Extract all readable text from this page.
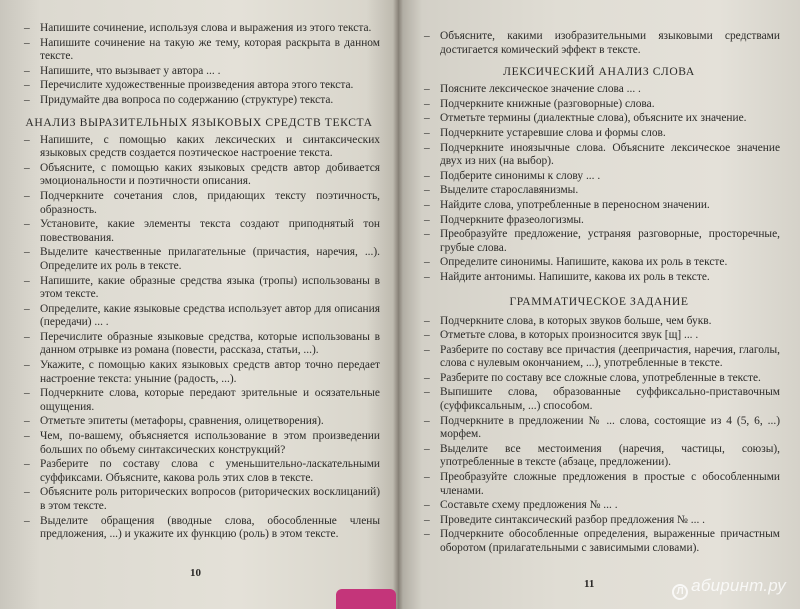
– Напишите сочинение, используя слова и выражения из этого текста.
– Напишите сочинение на такую же тему, которая раскрыта в данном тексте.
– Напишите, что вызывает у автора ... .
– Перечислите художественные произведения автора этого текста.
– Придумайте два вопроса по содержанию (структуре) текста.
АНАЛИЗ ВЫРАЗИТЕЛЬНЫХ ЯЗЫКОВЫХ СРЕДСТВ ТЕКСТА
– Напишите, с помощью каких лексических и синтаксических языковых средств создается поэтическое настроение текста.
– Объясните, с помощью каких языковых средств автор добивается эмоциональности и поэтичности описания.
– Подчеркните сочетания слов, придающих тексту поэтичность, образность.
– Установите, какие элементы текста создают приподнятый тон повествования.
– Выделите качественные прилагательные (причастия, наречия, ...). Определите их роль в тексте.
– Напишите, какие образные средства языка (тропы) использованы в этом тексте.
– Определите, какие языковые средства использует автор для описания (передачи) ... .
– Перечислите образные языковые средства, которые использованы в данном отрывке из романа (повести, рассказа, статьи, ...).
– Укажите, с помощью каких языковых средств автор точно передает настроение текста: уныние (радость, ...).
– Подчеркните слова, которые передают зрительные и осязательные ощущения.
– Отметьте эпитеты (метафоры, сравнения, олицетворения).
– Чем, по-вашему, объясняется использование в этом произведении больших по объему синтаксических конструкций?
– Разберите по составу слова с уменьшительно-ласкательными суффиксами. Объясните, какова роль этих слов в тексте.
– Объясните роль риторических вопросов (риторических восклицаний) в этом тексте.
– Выделите обращения (вводные слова, обособленные члены предложения, ...) и укажите их функцию (роль) в этом тексте.
10
– Объясните, какими изобразительными языковыми средствами достигается комический эффект в тексте.
ЛЕКСИЧЕСКИЙ АНАЛИЗ СЛОВА
– Поясните лексическое значение слова ... .
– Подчеркните книжные (разговорные) слова.
– Отметьте термины (диалектные слова), объясните их значение.
– Подчеркните устаревшие слова и формы слов.
– Подчеркните иноязычные слова. Объясните лексическое значение двух из них (на выбор).
– Подберите синонимы к слову ... .
– Выделите старославянизмы.
– Найдите слова, употребленные в переносном значении.
– Подчеркните фразеологизмы.
– Преобразуйте предложение, устраняя разговорные, просторечные, грубые слова.
– Определите синонимы. Напишите, какова их роль в тексте.
– Найдите антонимы. Напишите, какова их роль в тексте.
ГРАММАТИЧЕСКОЕ ЗАДАНИЕ
– Подчеркните слова, в которых звуков больше, чем букв.
– Отметьте слова, в которых произносится звук [щ] ... .
– Разберите по составу все причастия (деепричастия, наречия, глаголы, слова с нулевым окончанием, ...), употребленные в тексте.
– Разберите по составу все сложные слова, употребленные в тексте.
– Выпишите слова, образованные суффиксально-приставочным (суффиксальным, ...) способом.
– Подчеркните в предложении № ... слова, состоящие из 4 (5, 6, ...) морфем.
– Выделите все местоимения (наречия, частицы, союзы), употребленные в тексте (абзаце, предложении).
– Преобразуйте сложные предложения в простые с обособленными членами.
– Составьте схему предложения № ... .
– Проведите синтаксический разбор предложения № ... .
– Подчеркните обособленные определения, выраженные причастным оборотом (прилагательными с зависимыми словами).
11
Л абиринт.ру
